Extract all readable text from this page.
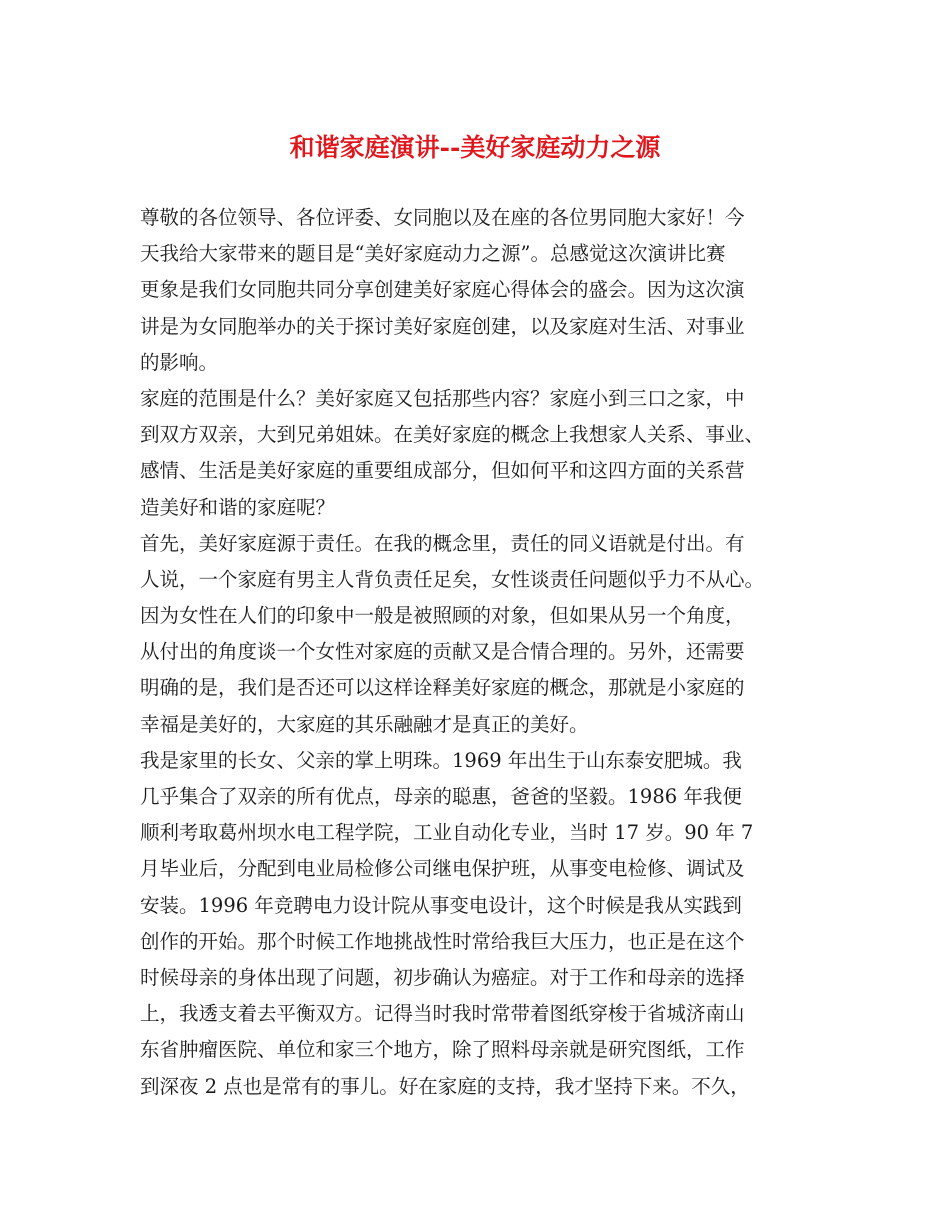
和谐家庭演讲--美好家庭动力之源
尊敬的各位领导、各位评委、女同胞以及在座的各位男同胞大家好！今
天我给大家带来的题目是“美好家庭动力之源”。总感觉这次演讲比赛
更象是我们女同胞共同分享创建美好家庭心得体会的盛会。因为这次演
讲是为女同胞举办的关于探讨美好家庭创建，以及家庭对生活、对事业
的影响。
家庭的范围是什么？美好家庭又包括那些内容？家庭小到三口之家，中
到双方双亲，大到兄弟姐妹。在美好家庭的概念上我想家人关系、事业、
感情、生活是美好家庭的重要组成部分，但如何平和这四方面的关系营
造美好和谐的家庭呢？
首先，美好家庭源于责任。在我的概念里，责任的同义语就是付出。有
人说，一个家庭有男主人背负责任足矣，女性谈责任问题似乎力不从心。
因为女性在人们的印象中一般是被照顾的对象，但如果从另一个角度，
从付出的角度谈一个女性对家庭的贡献又是合情合理的。另外，还需要
明确的是，我们是否还可以这样诠释美好家庭的概念，那就是小家庭的
幸福是美好的，大家庭的其乐融融才是真正的美好。
我是家里的长女、父亲的掌上明珠。1969 年出生于山东泰安肥城。我
几乎集合了双亲的所有优点，母亲的聪惠，爸爸的坚毅。1986 年我便
顺利考取葛州坝水电工程学院，工业自动化专业，当时 17 岁。90 年 7
月毕业后，分配到电业局检修公司继电保护班，从事变电检修、调试及
安装。1996 年竞聘电力设计院从事变电设计，这个时候是我从实践到
创作的开始。那个时候工作地挑战性时常给我巨大压力，也正是在这个
时候母亲的身体出现了问题，初步确认为癌症。对于工作和母亲的选择
上，我透支着去平衡双方。记得当时我时常带着图纸穿梭于省城济南山
东省肿瘤医院、单位和家三个地方，除了照料母亲就是研究图纸，工作
到深夜 2 点也是常有的事儿。好在家庭的支持，我才坚持下来。不久，
